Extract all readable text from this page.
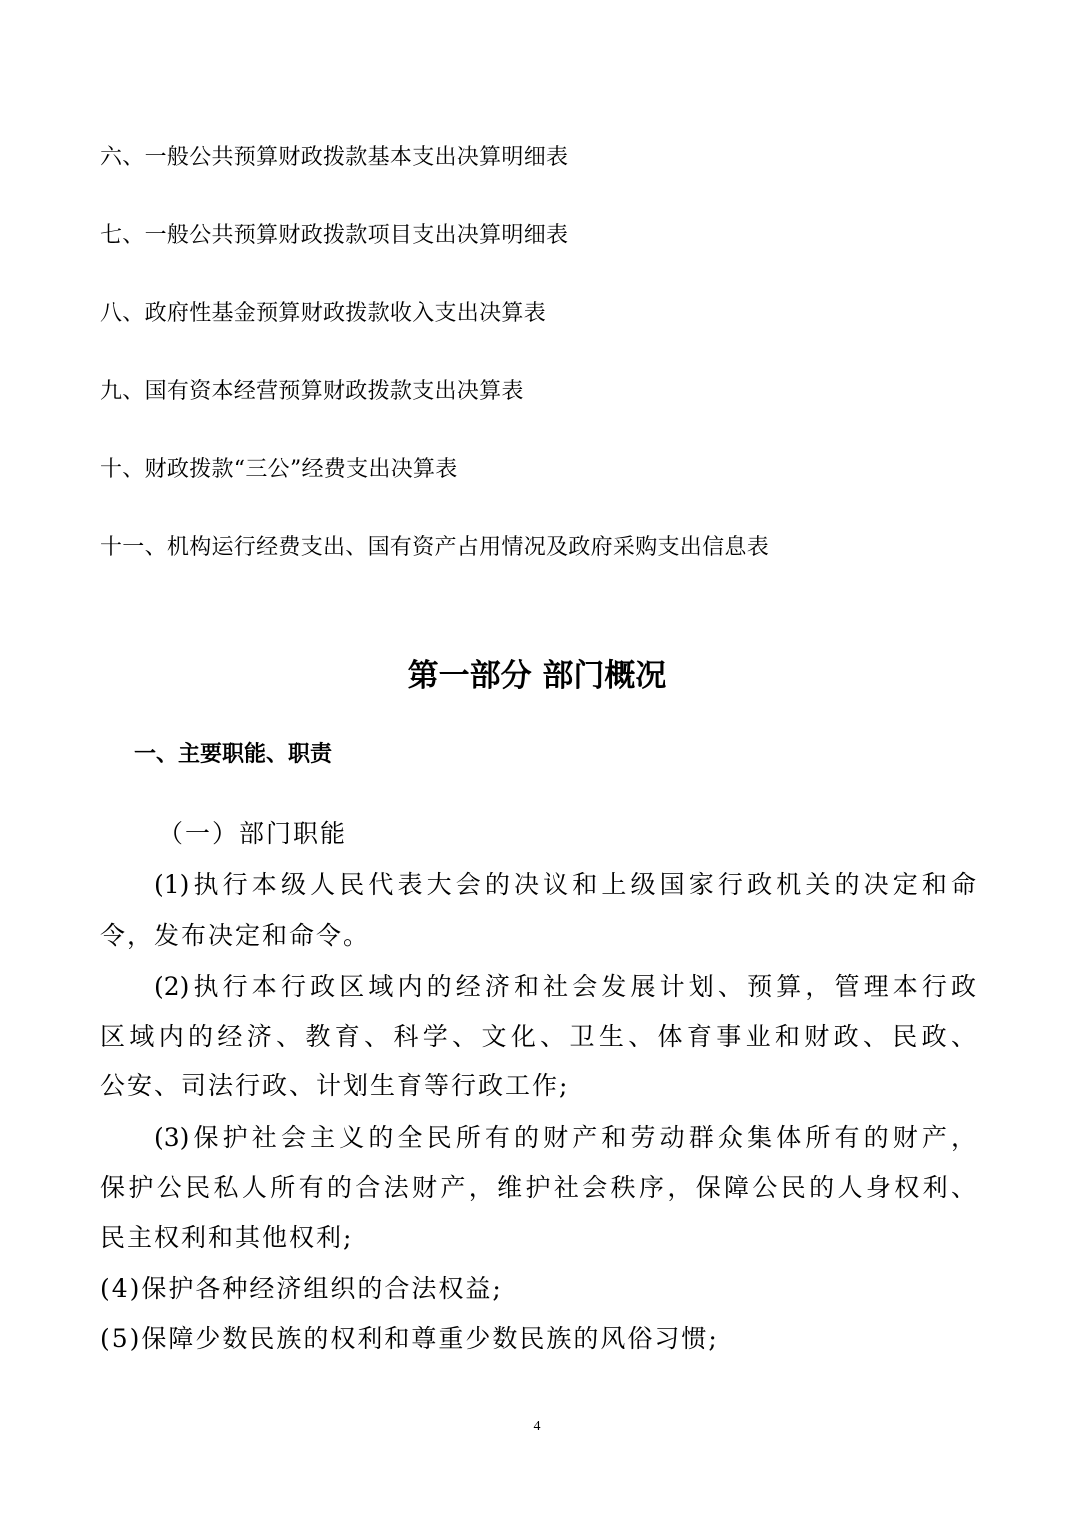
六、一般公共预算财政拨款基本支出决算明细表
七、一般公共预算财政拨款项目支出决算明细表
八、政府性基金预算财政拨款收入支出决算表
九、国有资本经营预算财政拨款支出决算表
十、财政拨款“三公”经费支出决算表
十一、机构运行经费支出、国有资产占用情况及政府采购支出信息表
第一部分 部门概况
一、主要职能、职责
（一）部门职能
(1)执行本级人民代表大会的决议和上级国家行政机关的决定和命
令，发布决定和命令。
(2)执行本行政区域内的经济和社会发展计划、预算，管理本行政
区域内的经济、教育、科学、文化、卫生、体育事业和财政、民政、
公安、司法行政、计划生育等行政工作;
(3)保护社会主义的全民所有的财产和劳动群众集体所有的财产，
保护公民私人所有的合法财产，维护社会秩序，保障公民的人身权利、
民主权利和其他权利;
(4)保护各种经济组织的合法权益;
(5)保障少数民族的权利和尊重少数民族的风俗习惯;
4
